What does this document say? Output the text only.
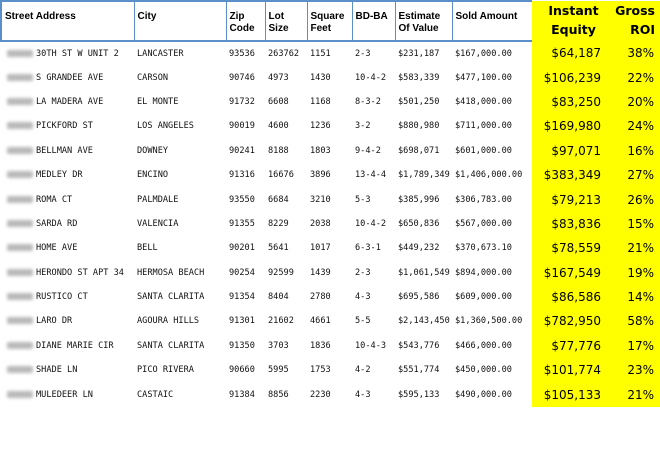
Street Address	City	Zip Code	Lot Size	Square Feet	BD-BA	Estimate Of Value	Sold Amount	Instant Equity	Gross ROI
30TH ST W UNIT 2	LANCASTER	93536	263762	1151	2-3	$231,187	$167,000.00	$64,187	38%
S GRANDEE AVE	CARSON	90746	4973	1430	10-4-2	$583,339	$477,100.00	$106,239	22%
LA MADERA AVE	EL MONTE	91732	6608	1168	8-3-2	$501,250	$418,000.00	$83,250	20%
PICKFORD ST	LOS ANGELES	90019	4600	1236	3-2	$880,980	$711,000.00	$169,980	24%
BELLMAN AVE	DOWNEY	90241	8188	1803	9-4-2	$698,071	$601,000.00	$97,071	16%
MEDLEY DR	ENCINO	91316	16676	3896	13-4-4	$1,789,349	$1,406,000.00	$383,349	27%
ROMA CT	PALMDALE	93550	6684	3210	5-3	$385,996	$306,783.00	$79,213	26%
SARDA RD	VALENCIA	91355	8229	2038	10-4-2	$650,836	$567,000.00	$83,836	15%
HOME AVE	BELL	90201	5641	1017	6-3-1	$449,232	$370,673.10	$78,559	21%
HERONDO ST APT 34	HERMOSA BEACH	90254	92599	1439	2-3	$1,061,549	$894,000.00	$167,549	19%
RUSTICO CT	SANTA CLARITA	91354	8404	2780	4-3	$695,586	$609,000.00	$86,586	14%
LARO DR	AGOURA HILLS	91301	21602	4661	5-5	$2,143,450	$1,360,500.00	$782,950	58%
DIANE MARIE CIR	SANTA CLARITA	91350	3703	1836	10-4-3	$543,776	$466,000.00	$77,776	17%
SHADE LN	PICO RIVERA	90660	5995	1753	4-2	$551,774	$450,000.00	$101,774	23%
MULEDEER LN	CASTAIC	91384	8856	2230	4-3	$595,133	$490,000.00	$105,133	21%
